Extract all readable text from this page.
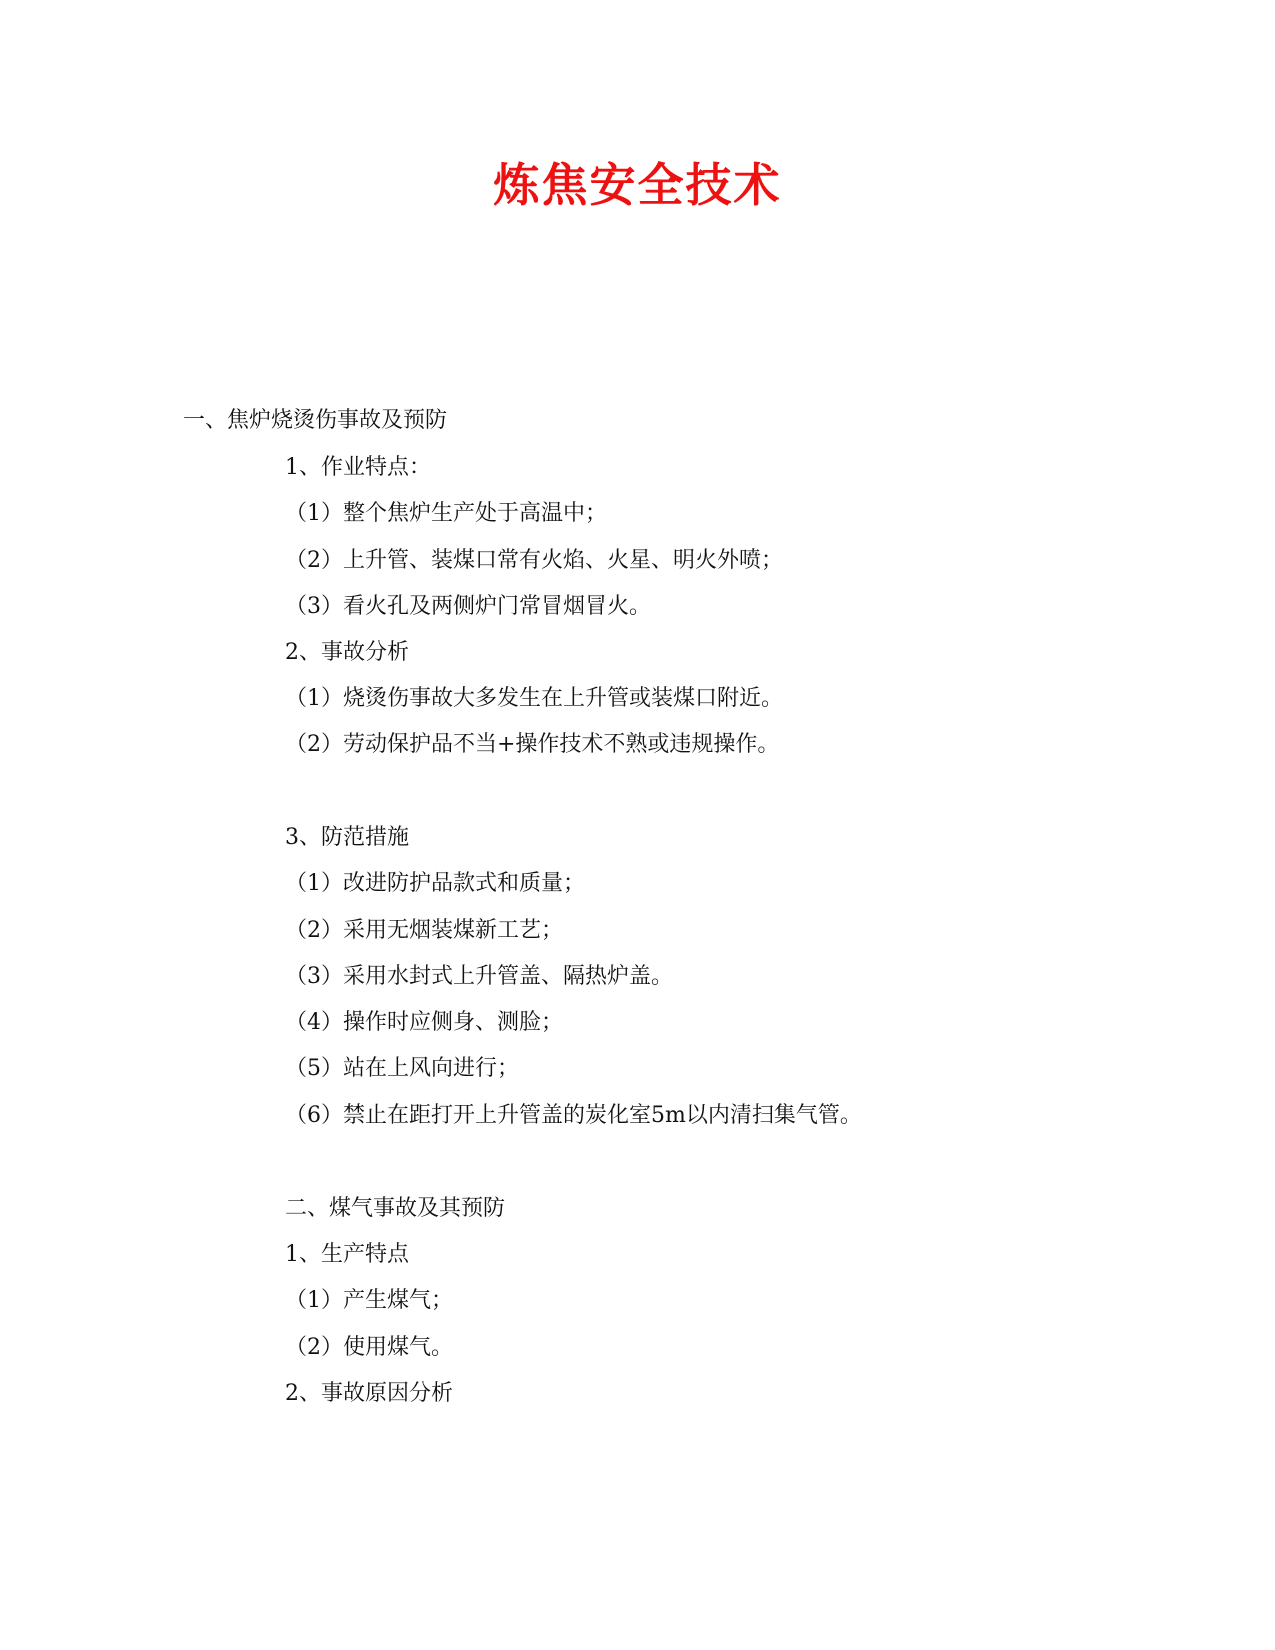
炼焦安全技术
一、焦炉烧烫伤事故及预防
1、作业特点：
（1）整个焦炉生产处于高温中；
（2）上升管、装煤口常有火焰、火星、明火外喷；
（3）看火孔及两侧炉门常冒烟冒火。
2、事故分析
（1）烧烫伤事故大多发生在上升管或装煤口附近。
（2）劳动保护品不当+操作技术不熟或违规操作。
3、防范措施
（1）改进防护品款式和质量；
（2）采用无烟装煤新工艺；
（3）采用水封式上升管盖、隔热炉盖。
（4）操作时应侧身、测脸；
（5）站在上风向进行；
（6）禁止在距打开上升管盖的炭化室5m以内清扫集气管。
二、煤气事故及其预防
1、生产特点
（1）产生煤气；
（2）使用煤气。
2、事故原因分析
